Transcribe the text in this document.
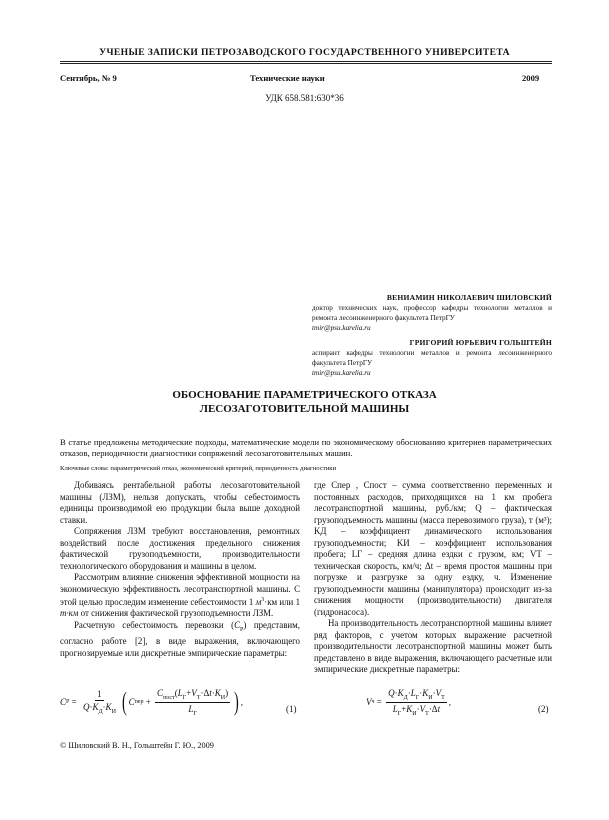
УЧЕНЫЕ ЗАПИСКИ ПЕТРОЗАВОДСКОГО ГОСУДАРСТВЕННОГО УНИВЕРСИТЕТА
Сентябрь, № 9	Технические науки	2009
УДК 658.581:630*36
ВЕНИАМИН НИКОЛАЕВИЧ ШИЛОВСКИЙ
доктор технических наук, профессор кафедры технологии металлов и ремонта лесоинженерного факультета ПетрГУ
tmir@psu.karelia.ru
ГРИГОРИЙ ЮРЬЕВИЧ ГОЛЬШТЕЙН
аспирант кафедры технологии металлов и ремонта лесоинженерного факультета ПетрГУ
tmir@psu.karelia.ru
ОБОСНОВАНИЕ ПАРАМЕТРИЧЕСКОГО ОТКАЗА
ЛЕСОЗАГОТОВИТЕЛЬНОЙ МАШИНЫ
В статье предложены методические подходы, математические модели по экономическому обоснованию критериев параметрических отказов, периодичности диагностики сопряжений лесозаготовительных машин.
Ключевые слова: параметрический отказ, экономический критерий, периодичность диагностики

Добиваясь рентабельной работы лесозаготовительной машины (ЛЗМ), нельзя допускать, чтобы себестоимость единицы производимой ею продукции была выше доходной ставки.

Сопряжения ЛЗМ требуют восстановления, ремонтных воздействий после достижения предельного снижения фактической грузоподъемности, производительности технологического оборудования и машины в целом.

Рассмотрим влияние снижения эффективной мощности на экономическую эффективность лесотранспортной машины. С этой целью проследим изменение себестоимости 1 $м^3\cdot км$ или 1 т·км от снижения фактической грузоподъемности ЛЗМ.

Расчетную себестоимость перевозки $(C_Р)$ представим, согласно работе [2], в виде выражения, включающего прогнозируемые или дискретные эмпирические параметры:

C $Р = \frac{1}{Q\cdot K_Д\cdot K_И}$ ( C пер + $\frac{C_{пост}(L_Г+V_Т\cdot\Delta t\cdot K_И)}{L_Г}$ ) ,
(1)

где Cпер , Cпост – сумма соответственно переменных и постоянных расходов, приходящихся на 1 км пробега лесотранспортной машины, руб./км; Q – фактическая грузоподъемность машины (масса перевозимого груза), т (м³); KД – коэффициент динамического использования грузоподъемности; KИ – коэффициент использования пробега; LГ – средняя длина ездки с грузом, км; VТ – техническая скорость, км/ч; Δt – время простоя машины при погрузке и разгрузке за одну ездку, ч. Изменение грузоподъемности машины (манипулятора) происходит из-за снижения мощности (производительности) двигателя (гидронасоса).

На производительность лесотранспортной машины влияет ряд факторов, с учетом которых выражение расчетной производительности лесотранспортной машины может быть представлено в виде выражения, включающего расчетные или эмпирические дискретные параметры:

V $ч = \frac{Q\cdot K_Д\cdot L_Г\cdot K_И\cdot V_Т}{L_Г+K_И\cdot V_Т\cdot\Delta t}$ ,
(2)
© Шиловский В. Н., Гольштейн Г. Ю., 2009
